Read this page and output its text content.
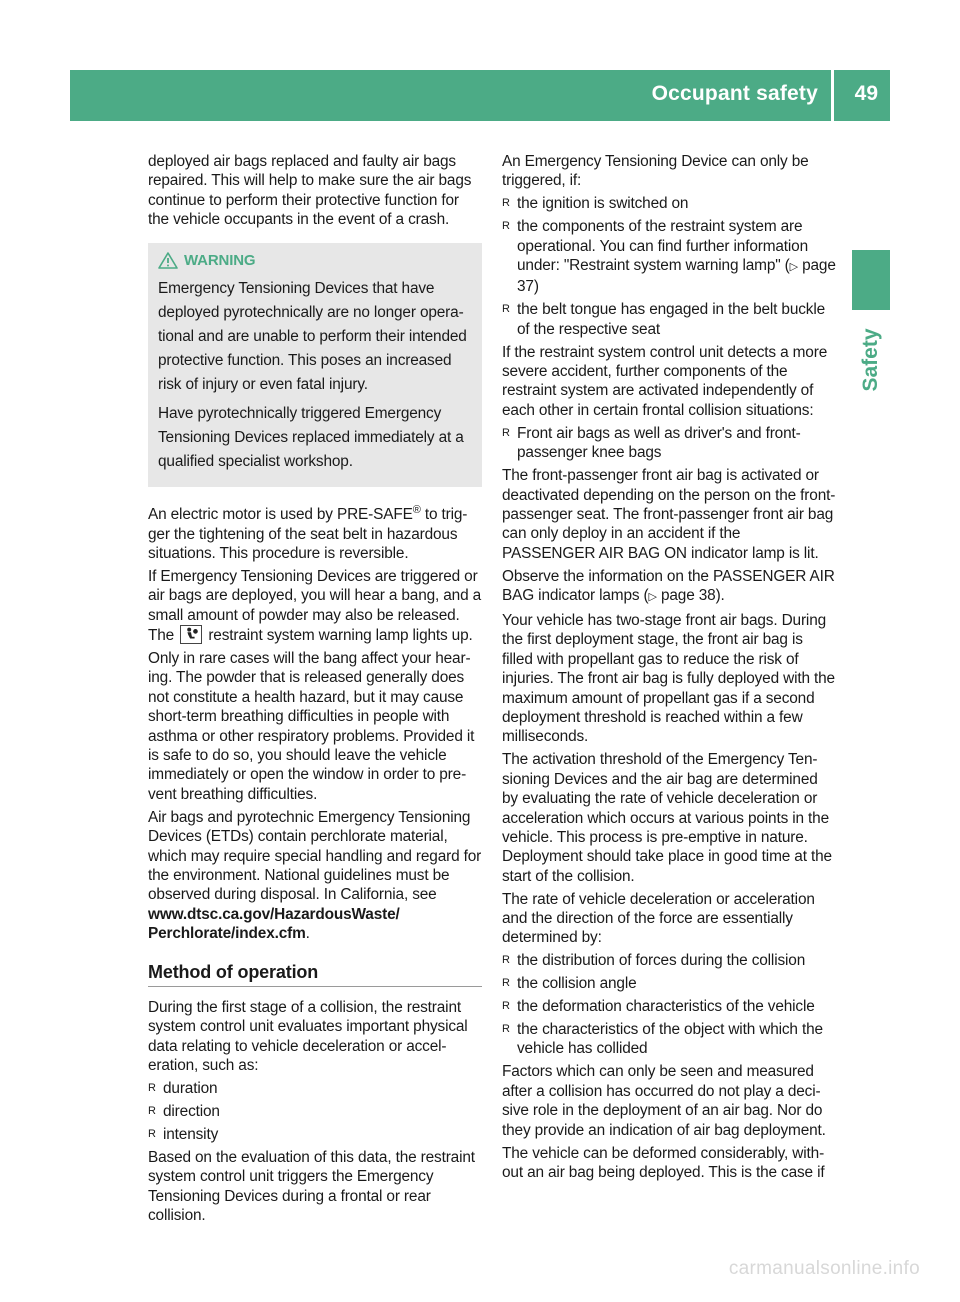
Occupant safety 49
Safety

deployed air bags replaced and faulty air bags repaired. This will help to make sure the air bags continue to perform their protective function for the vehicle occupants in the event of a crash.

WARNING

Emergency Tensioning Devices that have deployed pyrotechnically are no longer operational and are unable to perform their intended protective function. This poses an increased risk of injury or even fatal injury.

Have pyrotechnically triggered Emergency Tensioning Devices replaced immediately at a qualified specialist workshop.

An electric motor is used by PRE-SAFE® to trigger the tightening of the seat belt in hazardous situations. This procedure is reversible.

If Emergency Tensioning Devices are triggered or air bags are deployed, you will hear a bang, and a small amount of powder may also be released. The
restraint system warning lamp lights up.

Only in rare cases will the bang affect your hearing. The powder that is released generally does not constitute a health hazard, but it may cause short-term breathing difficulties in people with asthma or other respiratory problems. Provided it is safe to do so, you should leave the vehicle immediately or open the window in order to prevent breathing difficulties.

Air bags and pyrotechnic Emergency Tensioning Devices (ETDs) contain perchlorate material, which may require special handling and regard for the environment. National guidelines must be observed during disposal. In California, see www.dtsc.ca.gov/HazardousWaste/ Perchlorate/index.cfm.

Method of operation

During the first stage of a collision, the restraint system control unit evaluates important physical data relating to vehicle deceleration or acceleration, such as:

R duration
R direction
R intensity

Based on the evaluation of this data, the restraint system control unit triggers the Emergency Tensioning Devices during a frontal or rear collision.

An Emergency Tensioning Device can only be triggered, if:

R the ignition is switched on
R the components of the restraint system are operational. You can find further information under: "Restraint system warning lamp" (▷ page 37)
R the belt tongue has engaged in the belt buckle of the respective seat

If the restraint system control unit detects a more severe accident, further components of the restraint system are activated independently of each other in certain frontal collision situations:

R Front air bags as well as driver's and front-passenger knee bags

The front-passenger front air bag is activated or deactivated depending on the person on the front-passenger seat. The front-passenger front air bag can only deploy in an accident if the PASSENGER AIR BAG ON indicator lamp is lit.

Observe the information on the PASSENGER AIR BAG indicator lamps (▷ page 38).

Your vehicle has two-stage front air bags. During the first deployment stage, the front air bag is filled with propellant gas to reduce the risk of injuries. The front air bag is fully deployed with the maximum amount of propellant gas if a second deployment threshold is reached within a few milliseconds.

The activation threshold of the Emergency Tensioning Devices and the air bag are determined by evaluating the rate of vehicle deceleration or acceleration which occurs at various points in the vehicle. This process is pre-emptive in nature. Deployment should take place in good time at the start of the collision.

The rate of vehicle deceleration or acceleration and the direction of the force are essentially determined by:

R the distribution of forces during the collision
R the collision angle
R the deformation characteristics of the vehicle
R the characteristics of the object with which the vehicle has collided

Factors which can only be seen and measured after a collision has occurred do not play a decisive role in the deployment of an air bag. Nor do they provide an indication of air bag deployment.

The vehicle can be deformed considerably, without an air bag being deployed. This is the case if

carmanualsonline.info
